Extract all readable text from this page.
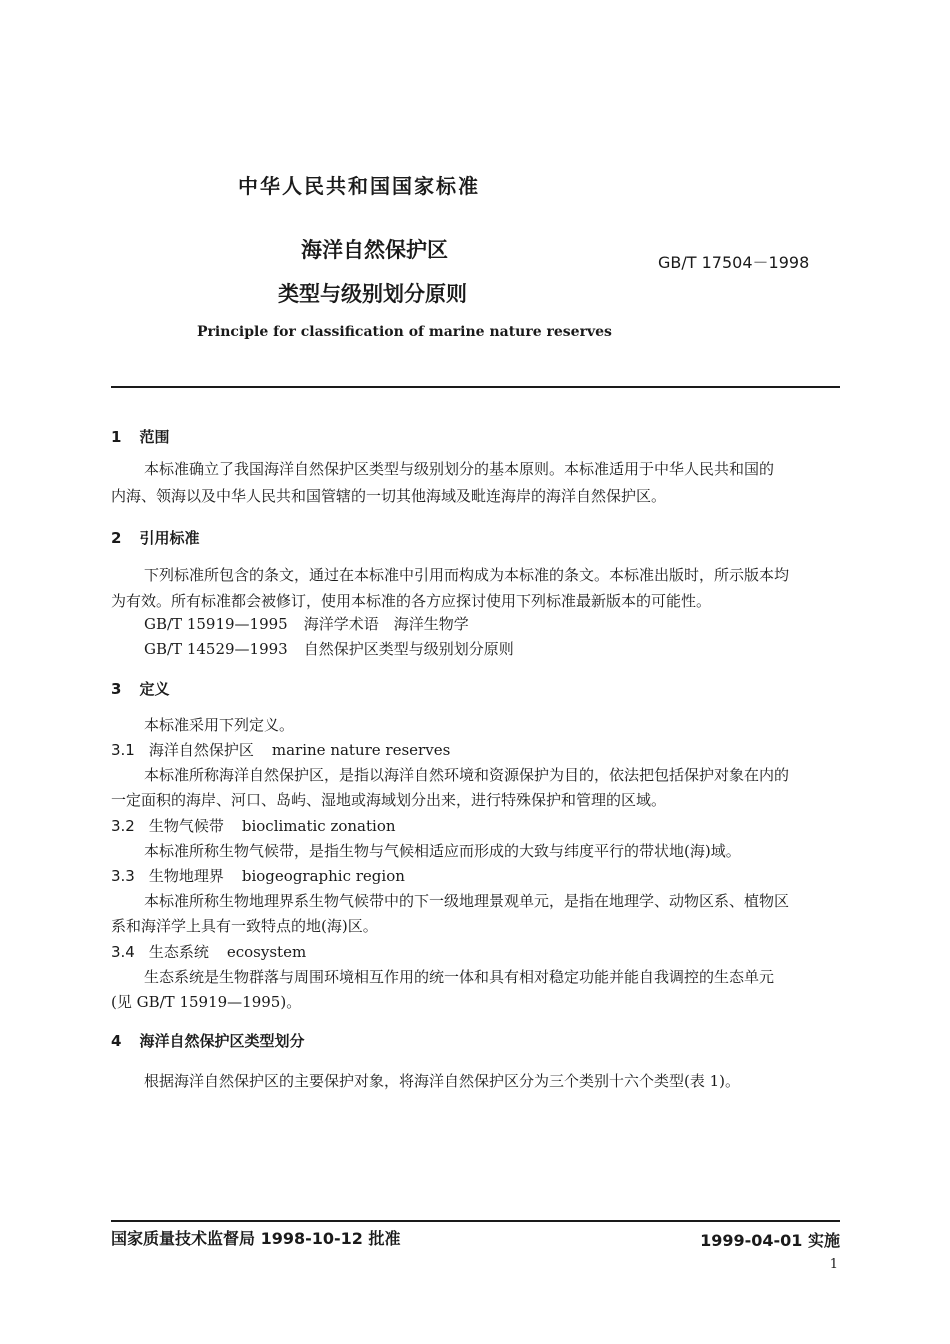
中华人民共和国国家标准
海洋自然保护区
类型与级别划分原则
GB/T 17504－1998
Principle for classification of marine nature reserves
1 范围
本标准确立了我国海洋自然保护区类型与级别划分的基本原则。本标准适用于中华人民共和国的
内海、领海以及中华人民共和国管辖的一切其他海域及毗连海岸的海洋自然保护区。
2 引用标准
下列标准所包含的条文，通过在本标准中引用而构成为本标准的条文。本标准出版时，所示版本均
为有效。所有标准都会被修订，使用本标准的各方应探讨使用下列标准最新版本的可能性。
GB/T 15919—1995 海洋学术语　海洋生物学
GB/T 14529—1993 自然保护区类型与级别划分原则
3 定义
本标准采用下列定义。
3.1 海洋自然保护区 marine nature reserves
本标准所称海洋自然保护区，是指以海洋自然环境和资源保护为目的，依法把包括保护对象在内的
一定面积的海岸、河口、岛屿、湿地或海域划分出来，进行特殊保护和管理的区域。
3.2 生物气候带 bioclimatic zonation
本标准所称生物气候带，是指生物与气候相适应而形成的大致与纬度平行的带状地(海)域。
3.3 生物地理界 biogeographic region
本标准所称生物地理界系生物气候带中的下一级地理景观单元，是指在地理学、动物区系、植物区
系和海洋学上具有一致特点的地(海)区。
3.4 生态系统 ecosystem
生态系统是生物群落与周围环境相互作用的统一体和具有相对稳定功能并能自我调控的生态单元
(见 GB/T 15919—1995)。
4 海洋自然保护区类型划分
根据海洋自然保护区的主要保护对象，将海洋自然保护区分为三个类别十六个类型(表 1)。
国家质量技术监督局 1998-10-12 批准	1999-04-01 实施
1
